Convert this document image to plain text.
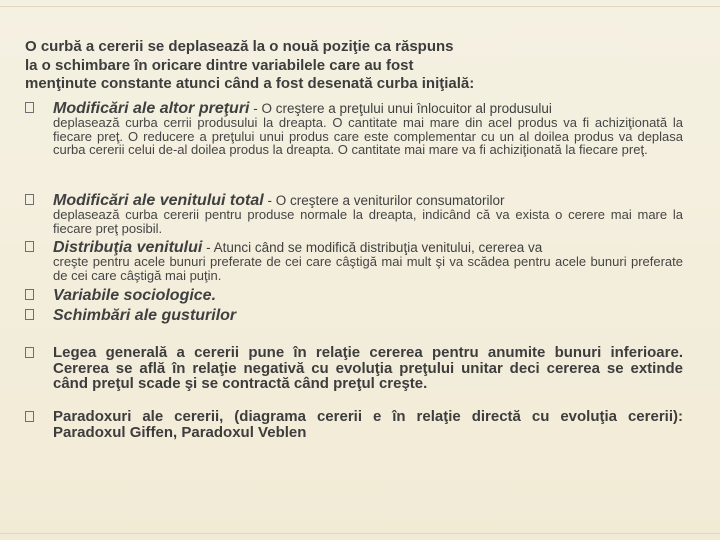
O curbă a cererii se deplasează la o nouă poziţie ca răspuns
la o schimbare în oricare dintre variabilele care au fost
menţinute constante atunci când a fost desenată curba iniţială:
Modificări ale altor preţuri - O creştere a preţului unui înlocuitor al produsului
deplasează curba cerrii produsului la dreapta. O cantitate mai mare din acel produs va fi achiziţionată la fiecare preţ. O reducere a preţului unui produs care este complementar cu un al doilea produs va deplasa curba cererii celui de-al doilea produs la dreapta. O cantitate mai mare va fi achiziţionată la fiecare preţ.
Modificări ale venitului total - O creştere a veniturilor consumatorilor
deplasează curba cererii pentru produse normale la dreapta, indicând că va exista o cerere mai mare la fiecare preţ posibil.
Distribuţia venitului - Atunci când se modifică distribuţia venitului, cererea va
creşte pentru acele bunuri preferate de cei care câştigă mai mult şi va scădea pentru acele bunuri preferate de cei care câştigă mai puţin.
Variabile sociologice.
Schimbări ale gusturilor
Legea generală a cererii pune în relaţie cererea pentru anumite bunuri inferioare. Cererea se află în relaţie negativă cu evoluţia preţului unitar deci cererea se extinde când preţul scade şi se contractă când preţul creşte.
Paradoxuri ale cererii, (diagrama cererii e în relaţie directă cu evoluţia cererii): Paradoxul Giffen, Paradoxul Veblen
